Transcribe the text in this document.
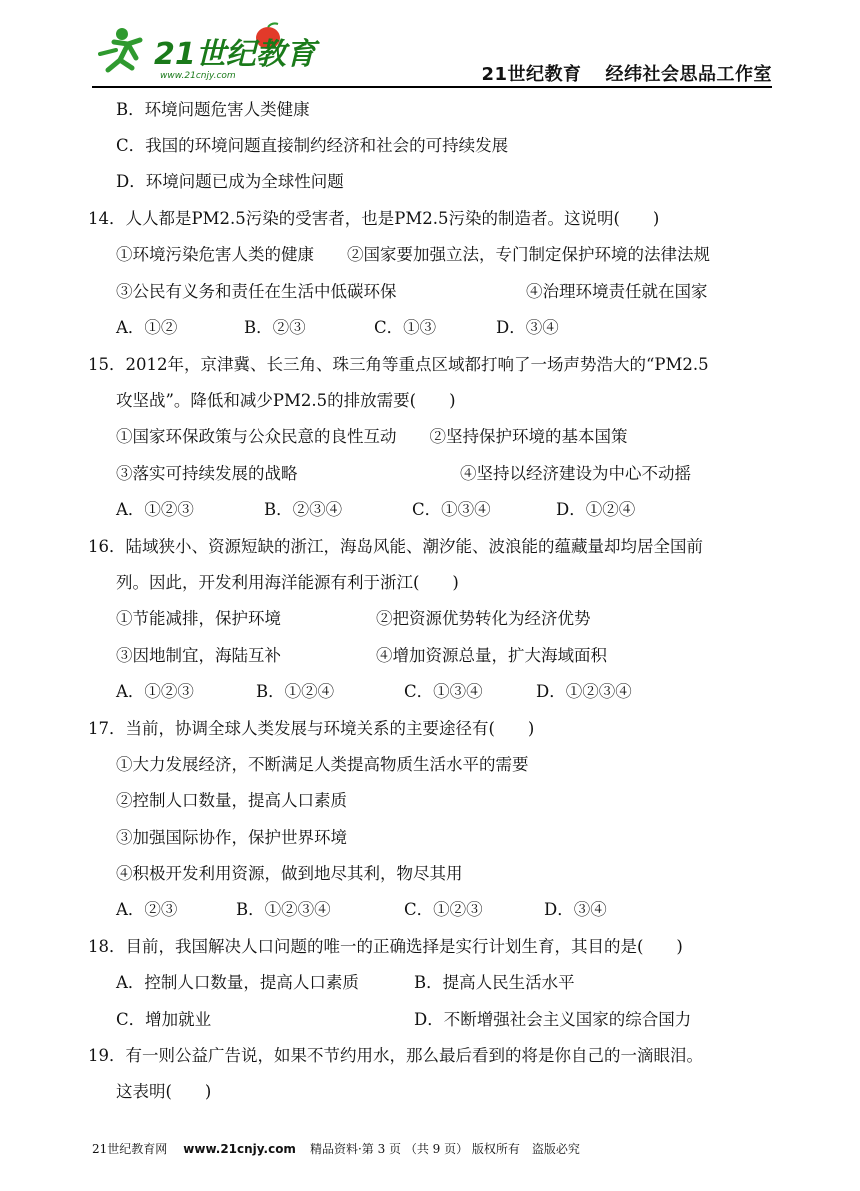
21世纪教育
www.21cnjy.com	21世纪教育 经纬社会思品工作室
B．环境问题危害人类健康
C．我国的环境问题直接制约经济和社会的可持续发展
D．环境问题已成为全球性问题
14．人人都是PM2.5污染的受害者，也是PM2.5污染的制造者。这说明(　　)
①环境污染危害人类的健康　　②国家要加强立法，专门制定保护环境的法律法规
③公民有义务和责任在生活中低碳环保	④治理环境责任就在国家
A．①②	B．②③	C．①③	D．③④
15．2012年，京津冀、长三角、珠三角等重点区域都打响了一场声势浩大的“PM2.5
攻坚战”。降低和减少PM2.5的排放需要(　　)
①国家环保政策与公众民意的良性互动　　②坚持保护环境的基本国策
③落实可持续发展的战略	④坚持以经济建设为中心不动摇
A．①②③	B．②③④	C．①③④	D．①②④
16．陆域狭小、资源短缺的浙江，海岛风能、潮汐能、波浪能的蕴藏量却均居全国前
列。因此，开发利用海洋能源有利于浙江(　　)
①节能减排，保护环境	②把资源优势转化为经济优势
③因地制宜，海陆互补	④增加资源总量，扩大海域面积
A．①②③	B．①②④	C．①③④	D．①②③④
17．当前，协调全球人类发展与环境关系的主要途径有(　　)
①大力发展经济，不断满足人类提高物质生活水平的需要
②控制人口数量，提高人口素质
③加强国际协作，保护世界环境
④积极开发利用资源，做到地尽其利，物尽其用
A．②③	B．①②③④	C．①②③	D．③④
18．目前，我国解决人口问题的唯一的正确选择是实行计划生育，其目的是(　　)
A．控制人口数量，提高人口素质	B．提高人民生活水平
C．增加就业	D．不断增强社会主义国家的综合国力
19．有一则公益广告说，如果不节约用水，那么最后看到的将是你自己的一滴眼泪。
这表明(　　)
21世纪教育网 www.21cnjy.com 精品资料·第 3 页 （共 9 页） 版权所有　盗版必究
